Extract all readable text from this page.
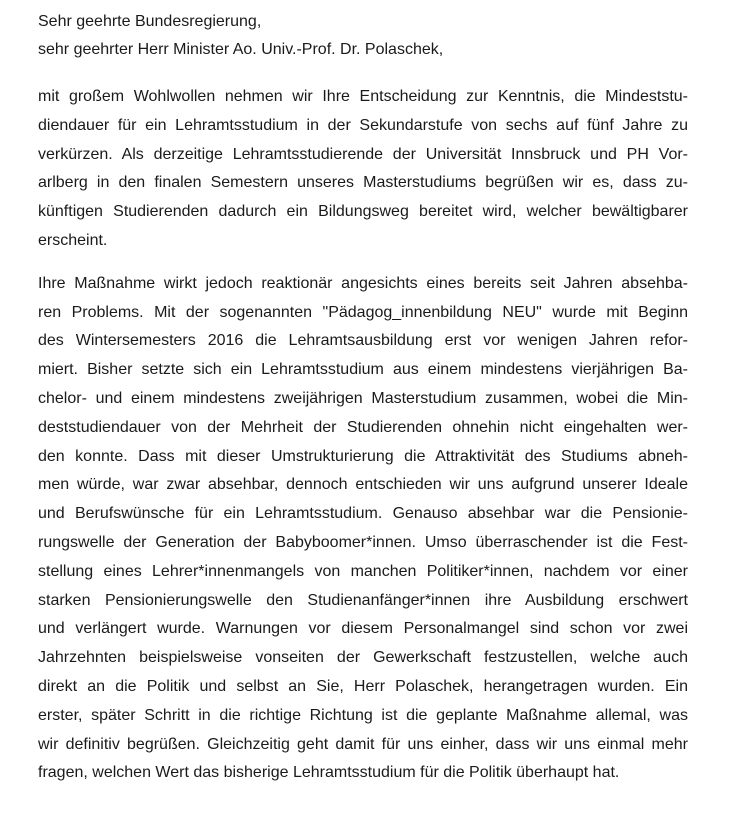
Sehr geehrte Bundesregierung,
sehr geehrter Herr Minister Ao. Univ.-Prof. Dr. Polaschek,

mit großem Wohlwollen nehmen wir Ihre Entscheidung zur Kenntnis, die Mindeststu-
diendauer für ein Lehramtsstudium in der Sekundarstufe von sechs auf fünf Jahre zu
verkürzen. Als derzeitige Lehramtsstudierende der Universität Innsbruck und PH Vor-
arlberg in den finalen Semestern unseres Masterstudiums begrüßen wir es, dass zu-
künftigen Studierenden dadurch ein Bildungsweg bereitet wird, welcher bewältigbarer
erscheint.

Ihre Maßnahme wirkt jedoch reaktionär angesichts eines bereits seit Jahren absehba-
ren Problems. Mit der sogenannten "Pädagog_innenbildung NEU" wurde mit Beginn
des Wintersemesters 2016 die Lehramtsausbildung erst vor wenigen Jahren refor-
miert. Bisher setzte sich ein Lehramtsstudium aus einem mindestens vierjährigen Ba-
chelor- und einem mindestens zweijährigen Masterstudium zusammen, wobei die Min-
deststudiendauer von der Mehrheit der Studierenden ohnehin nicht eingehalten wer-
den konnte. Dass mit dieser Umstrukturierung die Attraktivität des Studiums abneh-
men würde, war zwar absehbar, dennoch entschieden wir uns aufgrund unserer Ideale
und Berufswünsche für ein Lehramtsstudium. Genauso absehbar war die Pensionie-
rungswelle der Generation der Babyboomer*innen. Umso überraschender ist die Fest-
stellung eines Lehrer*innenmangels von manchen Politiker*innen, nachdem vor einer
starken Pensionierungswelle den Studienanfänger*innen ihre Ausbildung erschwert
und verlängert wurde. Warnungen vor diesem Personalmangel sind schon vor zwei
Jahrzehnten beispielsweise vonseiten der Gewerkschaft festzustellen, welche auch
direkt an die Politik und selbst an Sie, Herr Polaschek, herangetragen wurden. Ein
erster, später Schritt in die richtige Richtung ist die geplante Maßnahme allemal, was
wir definitiv begrüßen. Gleichzeitig geht damit für uns einher, dass wir uns einmal mehr
fragen, welchen Wert das bisherige Lehramtsstudium für die Politik überhaupt hat.
